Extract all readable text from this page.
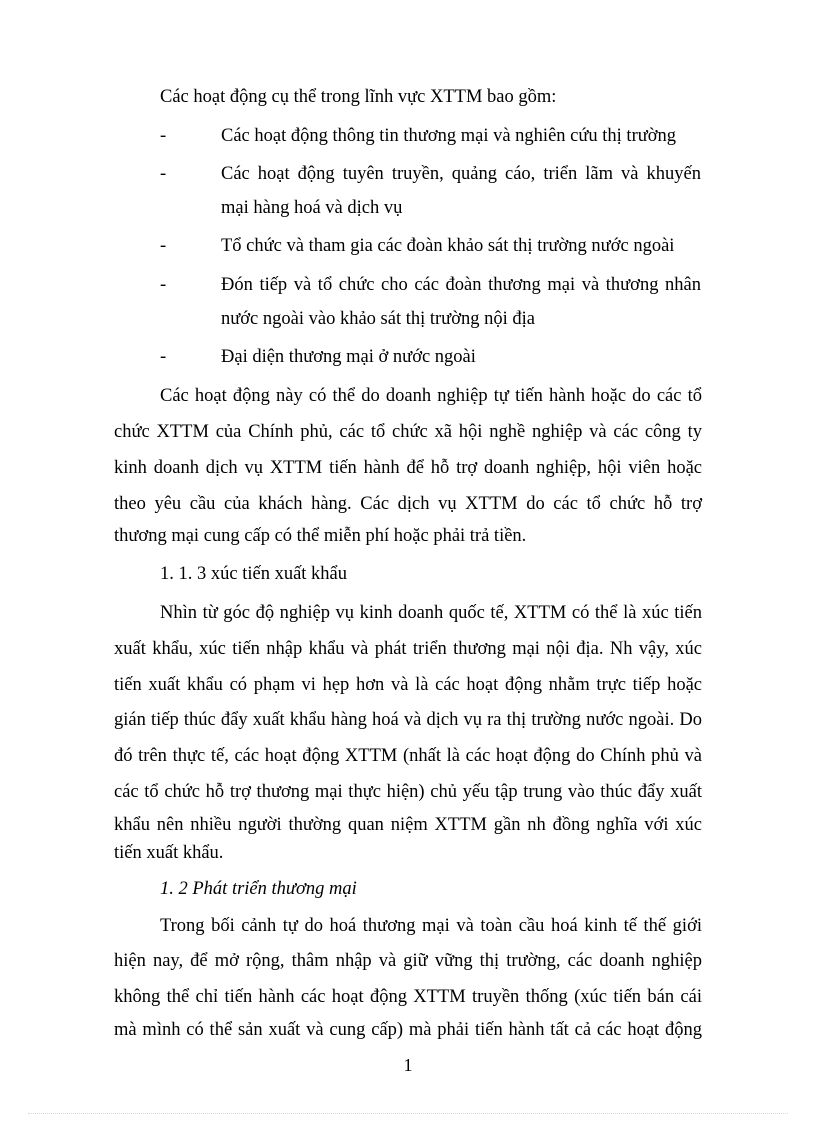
Các hoạt động cụ thể trong lĩnh vực XTTM bao gồm:
-	Các hoạt động thông tin thương mại và nghiên cứu thị trường
-	Các hoạt động tuyên truyền, quảng cáo, triển lãm và khuyến
mại hàng hoá và dịch vụ
-	Tổ chức và tham gia các đoàn khảo sát thị trường nước ngoài
-	Đón tiếp và tổ chức cho các đoàn thương mại và thương nhân
nước ngoài vào khảo sát thị trường nội địa
-	Đại diện thương mại ở nước ngoài
Các hoạt động này có thể do doanh nghiệp tự tiến hành hoặc do các tổ
chức XTTM của Chính phủ, các tổ chức xã hội nghề nghiệp và các công ty
kinh doanh dịch vụ XTTM tiến hành để hỗ trợ doanh nghiệp, hội viên hoặc
theo yêu cầu của khách hàng. Các dịch vụ XTTM do các tổ chức hỗ trợ
thương mại cung cấp có thể miễn phí hoặc phải trả tiền.
1. 1. 3 xúc tiến xuất khẩu
Nhìn từ góc độ nghiệp vụ kinh doanh quốc tế, XTTM có thể là xúc tiến
xuất khẩu, xúc tiến nhập khẩu và phát triển thương mại nội địa. Nh vậy, xúc
tiến xuất khẩu có phạm vi hẹp hơn và là các hoạt động nhằm trực tiếp hoặc
gián tiếp thúc đẩy xuất khẩu hàng hoá và dịch vụ ra thị trường nước ngoài. Do
đó trên thực tế, các hoạt động XTTM (nhất là các hoạt động do Chính phủ và
các tổ chức hỗ trợ thương mại thực hiện) chủ yếu tập trung vào thúc đẩy xuất
khẩu nên nhiều người thường quan niệm XTTM gần nh đồng nghĩa với xúc
tiến xuất khẩu.
1. 2 Phát triển thương mại
Trong bối cảnh tự do hoá thương mại và toàn cầu hoá kinh tế thế giới
hiện nay, để mở rộng, thâm nhập và giữ vững thị trường, các doanh nghiệp
không thể chỉ tiến hành các hoạt động XTTM truyền thống (xúc tiến bán cái
mà mình có thể sản xuất và cung cấp) mà phải tiến hành tất cả các hoạt động
1
